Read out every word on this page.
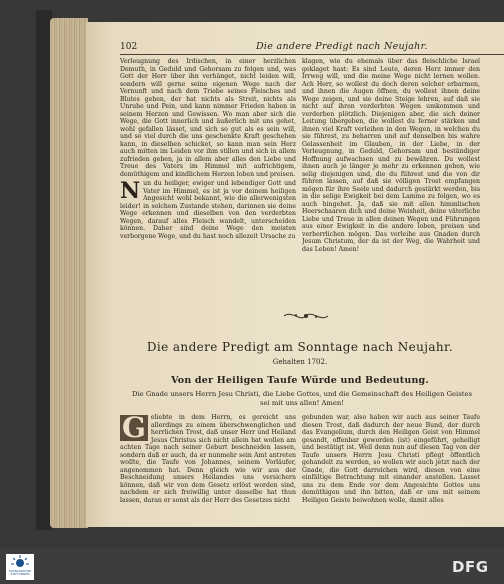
102	Die andere Predigt nach Neujahr.

Verleugnung des Irdischen, in einer herzlichen Demuth, in Geduld und Gehorsam zu folgen und, was Gott der Herr über ihn verhänget, nicht leiden will, sondern will gerne seine eigenen Wege nach der Vernunft und nach dem Triebe seines Fleisches und Blutes gehen, der hat nichts als Streit, nichts als Unruhe und Pein, und kann nimmer Frieden haben in seinem Herzen und Gewissen. Wo man aber sich die Wege, die Gott innerlich und äußerlich mit uns gehet, wohl gefallen lässet, und sich so gut als es sein will, und so viel durch die uns geschenkte Kraft geschehen kann, in dieselben schicket, so kann man sein Herz auch mitten im Leiden vor ihm stillen und sich in allem zufrieden geben, ja in allem aber alles den Liebe und Treue des Vaters im Himmel mit aufrichtigem, demüthigem und kindlichem Herzen loben und preisen.

Nun du heiliger, ewiger und lebendiger Gott und Vater im Himmel, es ist ja vor deinem heiligen Angesicht wohl bekannt, wie die allerwenigsten leider! in solchem Zustande stehen, darinnen sie deine Wege erkennen und dieselben von den verderbten Wegen, darauf alles Fleisch wandelt, unterscheiden können. Daher sind deine Wege den meisten verborgene Wege, und du hast noch allezeit Ursache zu

klagen, wie du ehemals über das fleischliche Israel geklaget hast: Es sind Leute, deren Herz immer den Irrweg will, und die meine Wege nicht lernen wollen. Ach Herr, so wollest du doch deren solcher erbarmen, und ihnen die Augen öffnen, du wollest ihnen deine Wege zeigen, und sie deine Steige lehren, auf daß sie nicht auf ihren verderbten Wegen umkommen und verderben plötzlich. Diejenigen aber, die sich deiner Leitung übergeben, die wollest du ferner stärken und ihnen viel Kraft verleihen in den Wegen, in welchen du sie führest, zu beharren und auf denselben bis wahre Gelassenheit im Glauben, in der Liebe, in der Verleugnung, in Geduld, Gehorsam und beständiger Hoffnung aufwachsen und zu bewähren. Du wollest ihnen auch je länger je mehr zu erkennen geben, wie selig diejenigen sind, die du führest und die von dir führen lassen, auf daß sie völligen Trost empfangen mögen für ihre Seele und dadurch gestärkt werden, bis in die selige Ewigkeit bei dem Lamme zu folgen, wo es auch hingehet. Ja, daß sie mit allen himmlischen Heerschaaren dich und deine Weisheit, deine väterliche Liebe und Treue in allen deinen Wegen und Führungen aus einer Ewigkeit in die andere loben, preisen und verherrlichen mögen. Das verleihe aus Gnaden durch Jesum Christum, der da ist der Weg, die Wahrheit und das Leben! Amen!

Die andere Predigt am Sonntage nach Neujahr.
Gehalten 1702.
Von der Heiligen Taufe Würde und Bedeutung.
Die Gnade unsers Herrn Jesu Christi, die Liebe Gottes, und die Gemeinschaft des Heiligen Geistes sei mit uns allen! Amen!

G eliebte in dem Herrn, es gereicht uns allerdings zu einem überschwenglichen und herrlichen Trost, daß unser Herr und Heiland Jesus Christus sich nicht allein hat wollen am achten Tage nach seiner Geburt beschneiden lassen, sondern daß er auch, da er nunmehr sein Amt antreten wollte, die Taufe von Johannes, seinem Vorläufer, angenommen hat. Denn gleich wie wir aus der Beschneidung unsers Heilandes uns versichern können, daß wir von dem Gesetz erlöst worden sind, nachdem er sich freiwillig unter dasselbe hat thun lassen, daran er sonst als der Herr des Gesetzes nicht

gebunden war, also haben wir auch aus seiner Taufe diesen Trost, daß dadurch der neue Bund, der durch das Evangelium, durch den Heiligen Geist von Himmel gesandt, offenbar geworden (ist) eingeführt, geheiligt und bestätigt ist. Weil denn nun auf diesen Tag von der Taufe unsers Herrn Jesu Christi pflegt öffentlich gehandelt zu werden, so wollen wir auch jetzt nach der Gnade, die Gott darreichen wird, diesen von eine einfältige Betrachtung mit einander anstellen. Lasset uns zu dem Ende vor dem Angesichte Gottes uns demüthigen und ihn bitten, daß er uns mit seinem Heiligen Geiste beiwohnen wolle, damit alles

FRANCKESCHE STIFTUNGEN	DFG
